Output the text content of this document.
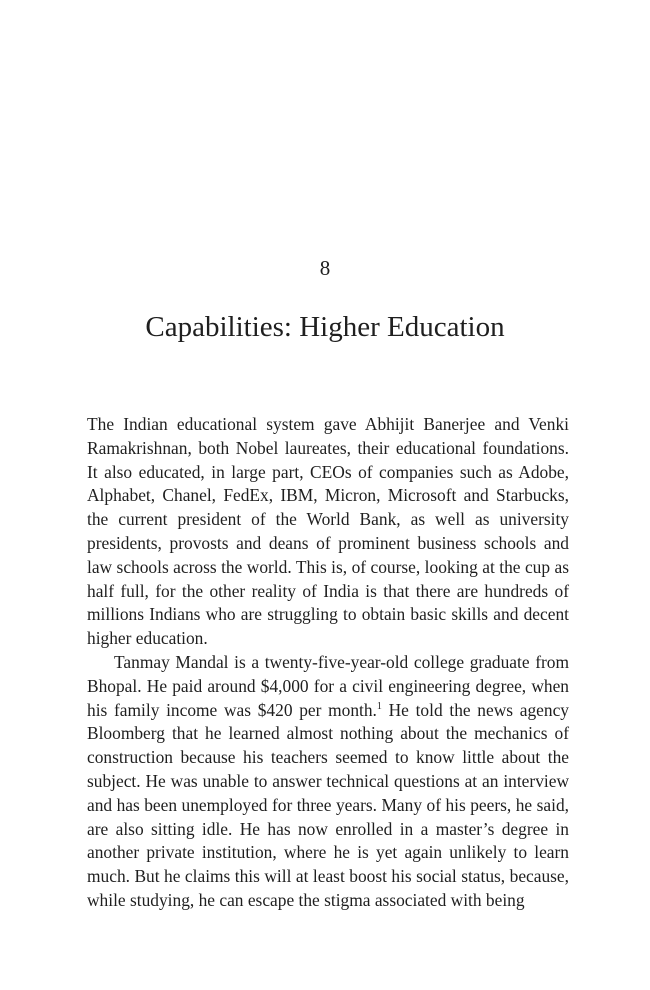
8
Capabilities: Higher Education

The Indian educational system gave Abhijit Banerjee and Venki Ramakrishnan, both Nobel laureates, their educational foundations. It also educated, in large part, CEOs of companies such as Adobe, Alphabet, Chanel, FedEx, IBM, Micron, Microsoft and Starbucks, the current president of the World Bank, as well as university presidents, provosts and deans of prominent business schools and law schools across the world. This is, of course, looking at the cup as half full, for the other reality of India is that there are hundreds of millions Indians who are struggling to obtain basic skills and decent higher education.

Tanmay Mandal is a twenty-five-year-old college graduate from Bhopal. He paid around $4,000 for a civil engineering degree, when his family income was $420 per month.$^1$ He told the news agency Bloomberg that he learned almost nothing about the mechanics of construction because his teachers seemed to know little about the subject. He was unable to answer technical questions at an interview and has been unemployed for three years. Many of his peers, he said, are also sitting idle. He has now enrolled in a master’s degree in another private institution, where he is yet again unlikely to learn much. But he claims this will at least boost his social status, because, while studying, he can escape the stigma associated with being
